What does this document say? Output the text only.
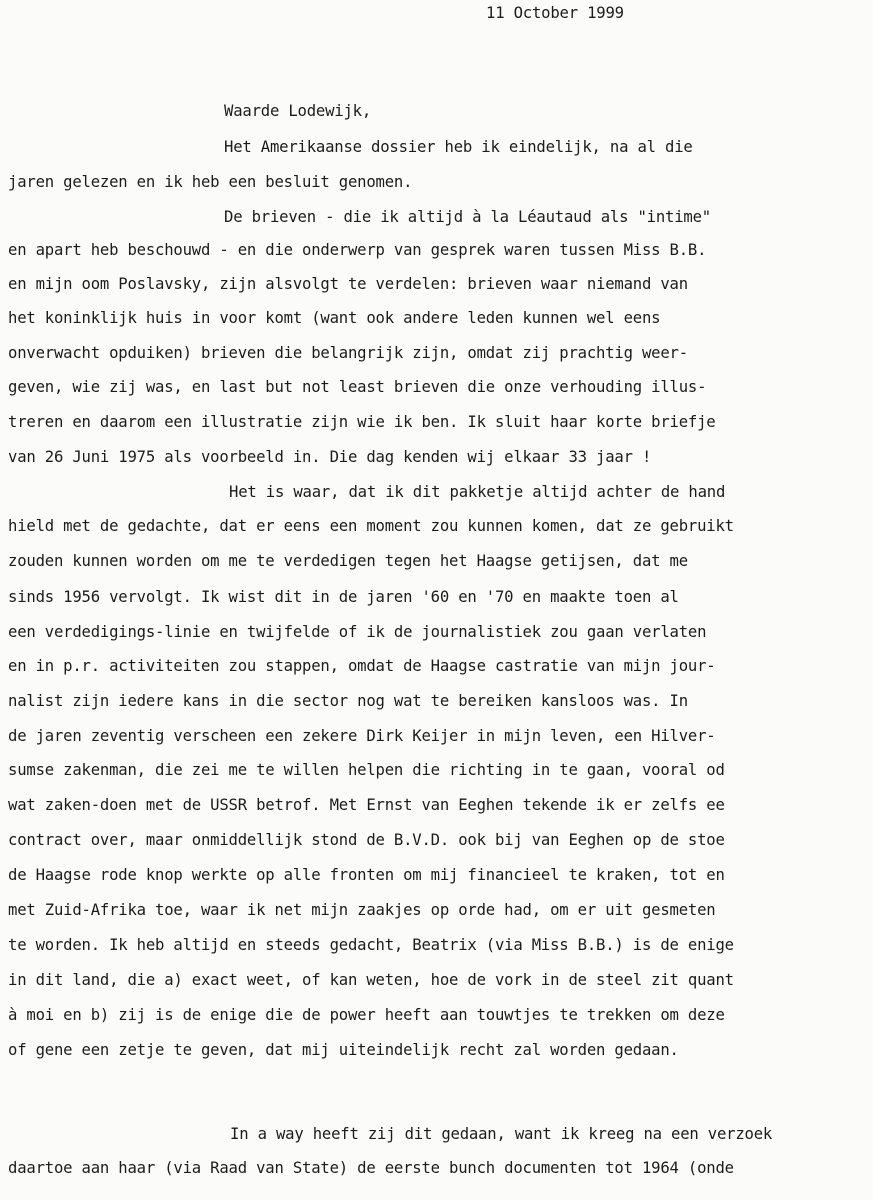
11 October 1999
Waarde Lodewijk,
Het Amerikaanse dossier heb ik eindelijk, na al die
jaren gelezen en ik heb een besluit genomen.
De brieven - die ik altijd à la Léautaud als "intime"
en apart heb beschouwd - en die onderwerp van gesprek waren tussen Miss B.B.
en mijn oom Poslavsky, zijn alsvolgt te verdelen: brieven waar niemand van
het koninklijk huis in voor komt (want ook andere leden kunnen wel eens
onverwacht opduiken) brieven die belangrijk zijn, omdat zij prachtig weer-
geven, wie zij was, en last but not least brieven die onze verhouding illus-
treren en daarom een illustratie zijn wie ik ben. Ik sluit haar korte briefje
van 26 Juni 1975 als voorbeeld in. Die dag kenden wij elkaar 33 jaar !
Het is waar, dat ik dit pakketje altijd achter de hand
hield met de gedachte, dat er eens een moment zou kunnen komen, dat ze gebruikt
zouden kunnen worden om me te verdedigen tegen het Haagse getijsen, dat me
sinds 1956 vervolgt. Ik wist dit in de jaren '60 en '70 en maakte toen al
een verdedigings-linie en twijfelde of ik de journalistiek zou gaan verlaten
en in p.r. activiteiten zou stappen, omdat de Haagse castratie van mijn jour-
nalist zijn iedere kans in die sector nog wat te bereiken kansloos was. In
de jaren zeventig verscheen een zekere Dirk Keijer in mijn leven, een Hilver-
sumse zakenman, die zei me te willen helpen die richting in te gaan, vooral od
wat zaken-doen met de USSR betrof. Met Ernst van Eeghen tekende ik er zelfs ee
contract over, maar onmiddellijk stond de B.V.D. ook bij van Eeghen op de stoe
de Haagse rode knop werkte op alle fronten om mij financieel te kraken, tot en
met Zuid-Afrika toe, waar ik net mijn zaakjes op orde had, om er uit gesmeten
te worden. Ik heb altijd en steeds gedacht, Beatrix (via Miss B.B.) is de enige
in dit land, die a) exact weet, of kan weten, hoe de vork in de steel zit quant
à moi en b) zij is de enige die de power heeft aan touwtjes te trekken om deze
of gene een zetje te geven, dat mij uiteindelijk recht zal worden gedaan.
In a way heeft zij dit gedaan, want ik kreeg na een verzoek
daartoe aan haar (via Raad van State) de eerste bunch documenten tot 1964 (onde
